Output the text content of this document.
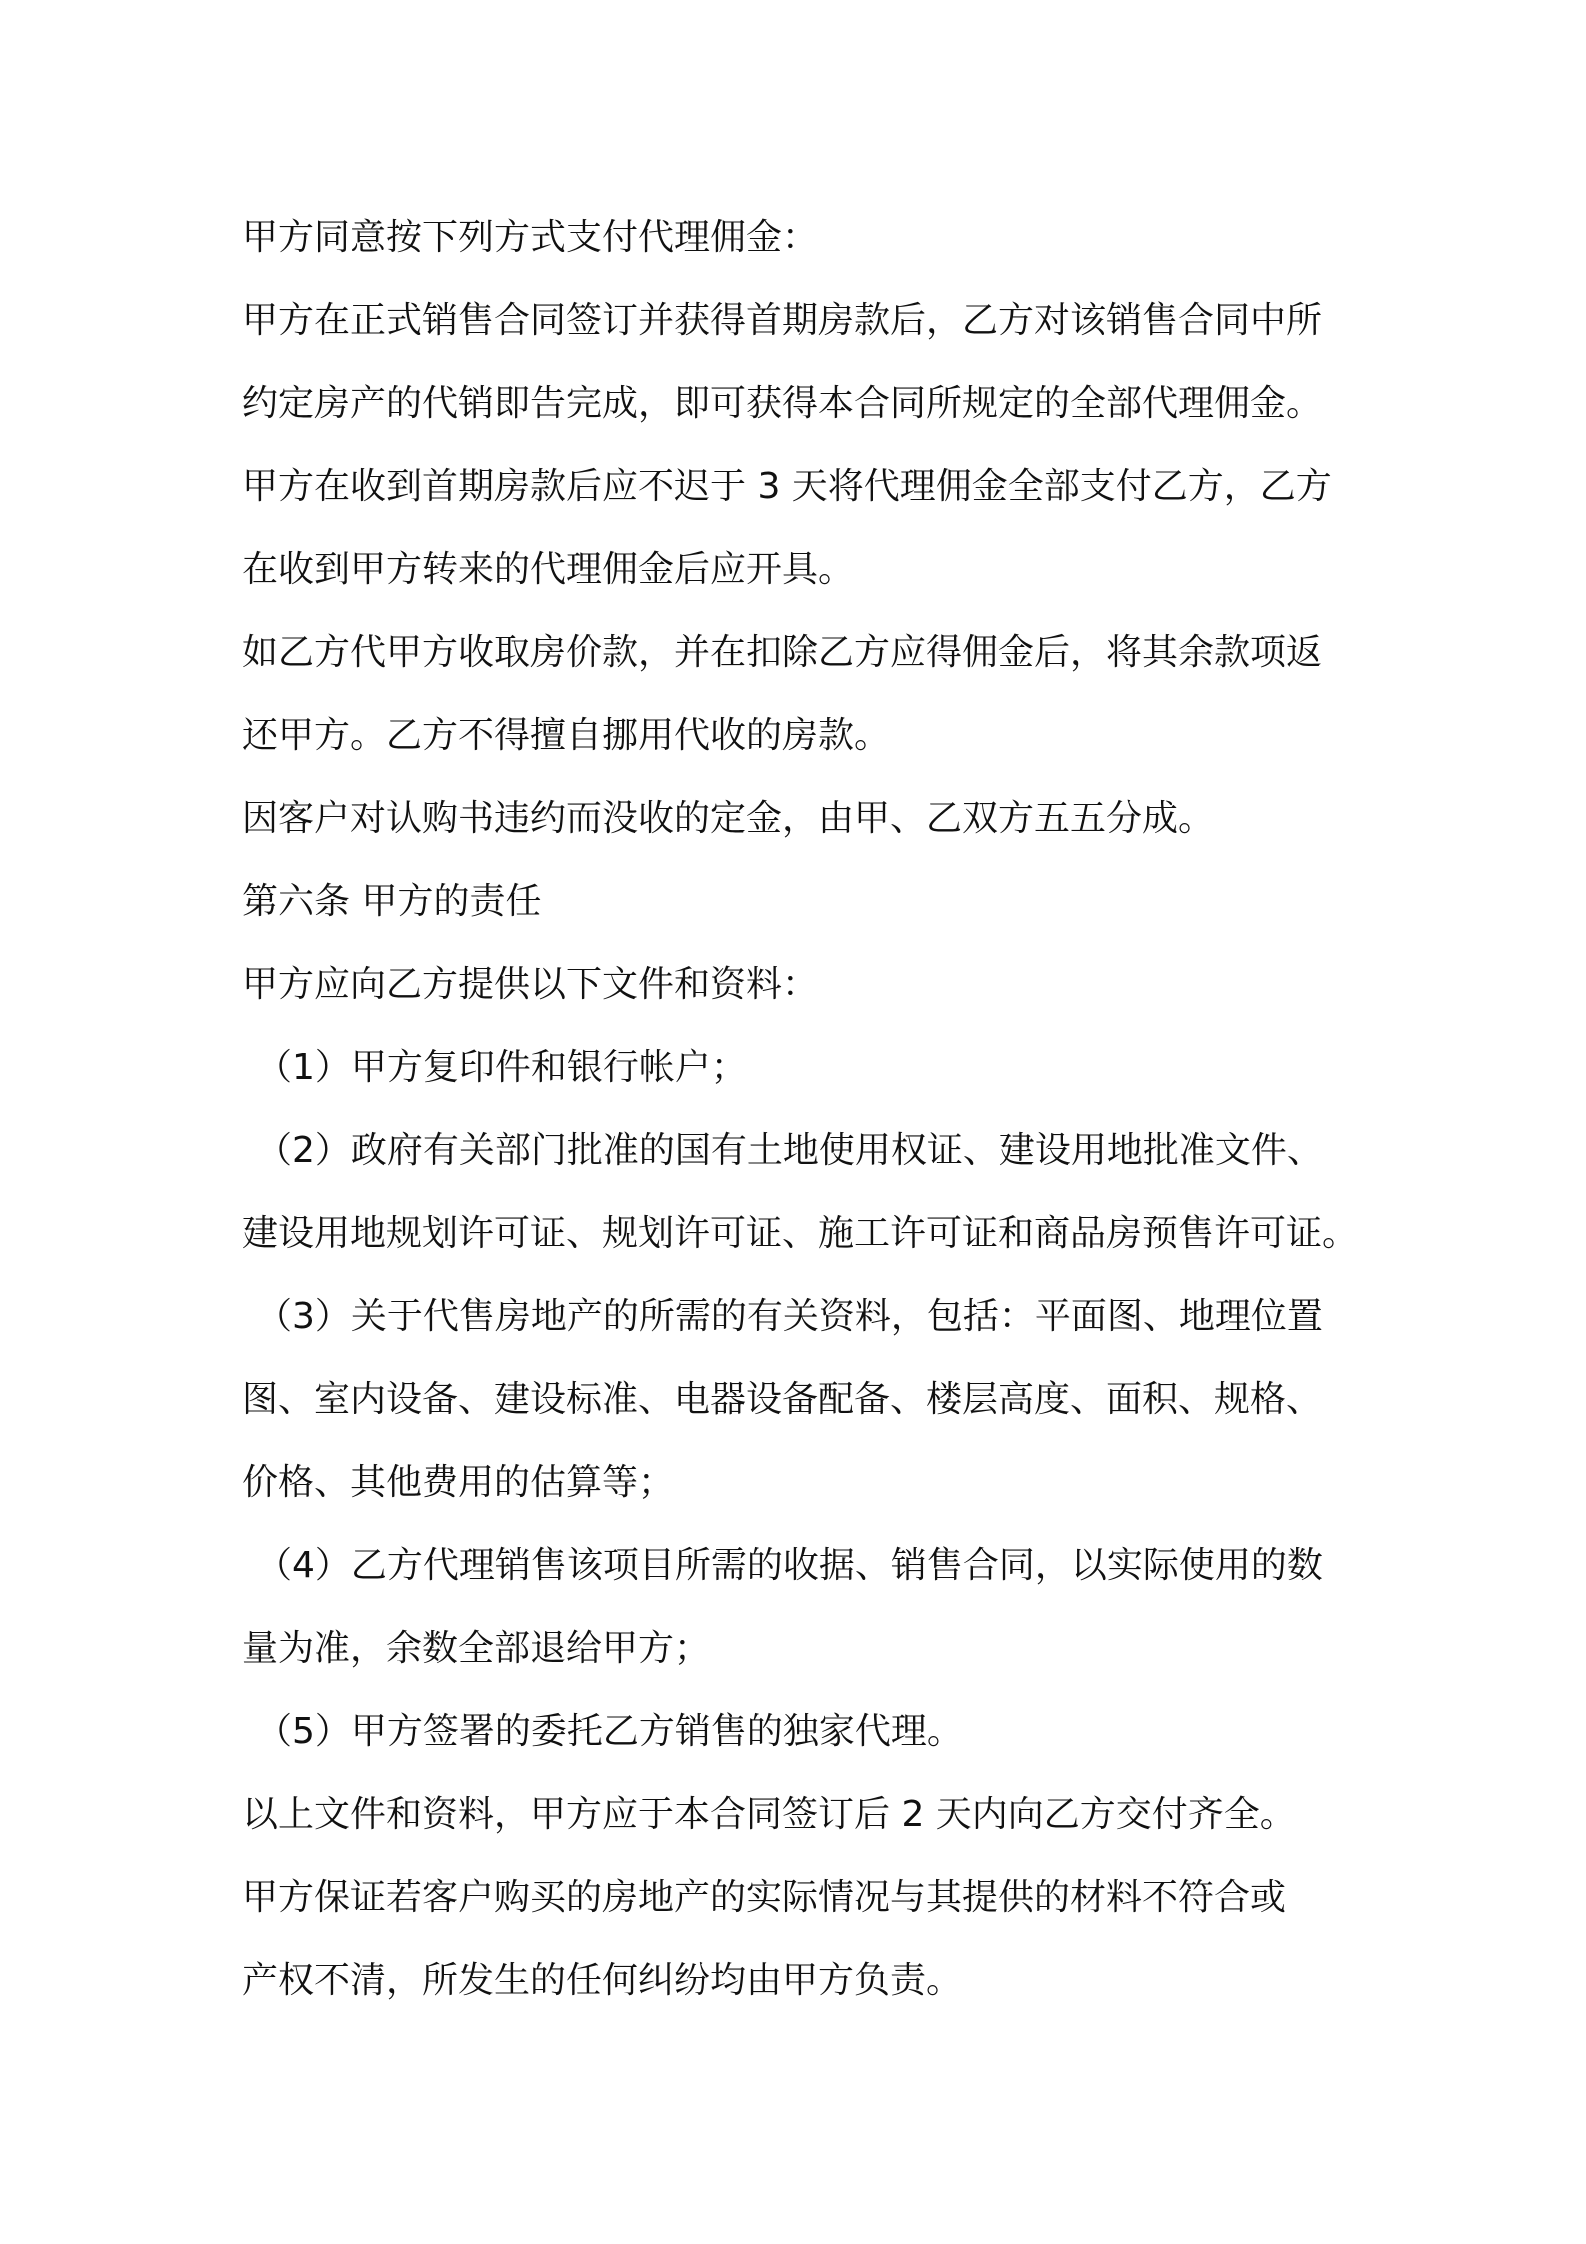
甲方同意按下列方式支付代理佣金：
甲方在正式销售合同签订并获得首期房款后，乙方对该销售合同中所
约定房产的代销即告完成，即可获得本合同所规定的全部代理佣金。
甲方在收到首期房款后应不迟于 3 天将代理佣金全部支付乙方，乙方
在收到甲方转来的代理佣金后应开具。
如乙方代甲方收取房价款，并在扣除乙方应得佣金后，将其余款项返
还甲方。乙方不得擅自挪用代收的房款。
因客户对认购书违约而没收的定金，由甲、乙双方五五分成。
第六条 甲方的责任
甲方应向乙方提供以下文件和资料：
（1）甲方复印件和银行帐户；
（2）政府有关部门批准的国有土地使用权证、建设用地批准文件、
建设用地规划许可证、规划许可证、施工许可证和商品房预售许可证。
（3）关于代售房地产的所需的有关资料，包括：平面图、地理位置
图、室内设备、建设标准、电器设备配备、楼层高度、面积、规格、
价格、其他费用的估算等；
（4）乙方代理销售该项目所需的收据、销售合同，以实际使用的数
量为准，余数全部退给甲方；
（5）甲方签署的委托乙方销售的独家代理。
以上文件和资料，甲方应于本合同签订后 2 天内向乙方交付齐全。
甲方保证若客户购买的房地产的实际情况与其提供的材料不符合或
产权不清，所发生的任何纠纷均由甲方负责。
